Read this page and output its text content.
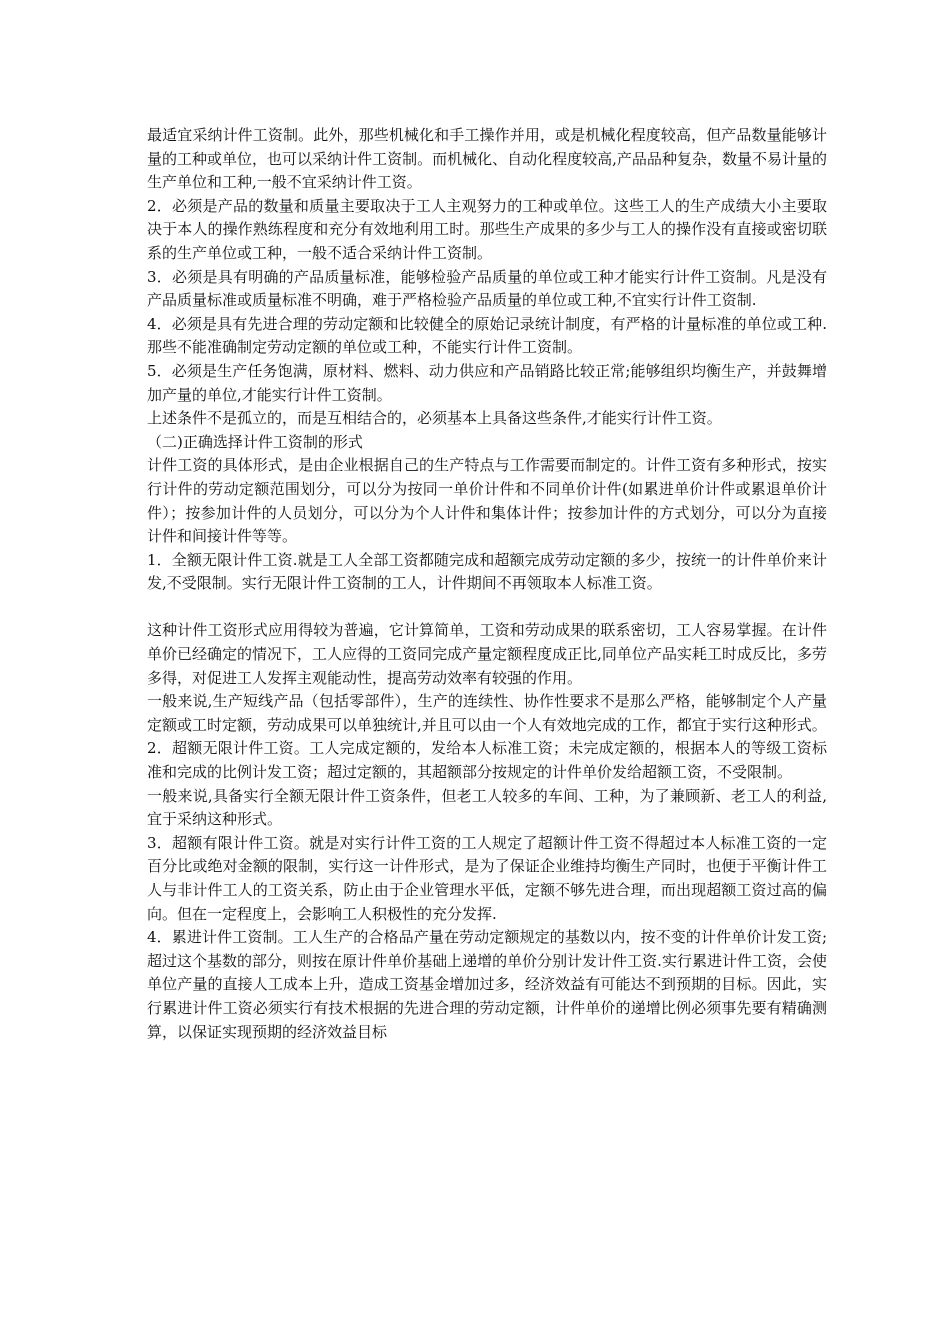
最适宜采纳计件工资制。此外，那些机械化和手工操作并用，或是机械化程度较高，但产品数量能够计量的工种或单位，也可以采纳计件工资制。而机械化、自动化程度较高,产品品种复杂，数量不易计量的生产单位和工种,一般不宜采纳计件工资。

2．必须是产品的数量和质量主要取决于工人主观努力的工种或单位。这些工人的生产成绩大小主要取决于本人的操作熟练程度和充分有效地利用工时。那些生产成果的多少与工人的操作没有直接或密切联系的生产单位或工种，一般不适合采纳计件工资制。

3．必须是具有明确的产品质量标准，能够检验产品质量的单位或工种才能实行计件工资制。凡是没有产品质量标准或质量标准不明确，难于严格检验产品质量的单位或工种,不宜实行计件工资制.

4．必须是具有先进合理的劳动定额和比较健全的原始记录统计制度，有严格的计量标准的单位或工种.那些不能准确制定劳动定额的单位或工种，不能实行计件工资制。

5．必须是生产任务饱满，原材料、燃料、动力供应和产品销路比较正常;能够组织均衡生产，并鼓舞增加产量的单位,才能实行计件工资制。

上述条件不是孤立的，而是互相结合的，必须基本上具备这些条件,才能实行计件工资。

（二)正确选择计件工资制的形式

计件工资的具体形式，是由企业根据自己的生产特点与工作需要而制定的。计件工资有多种形式，按实行计件的劳动定额范围划分，可以分为按同一单价计件和不同单价计件(如累进单价计件或累退单价计件）；按参加计件的人员划分，可以分为个人计件和集体计件；按参加计件的方式划分，可以分为直接计件和间接计件等等。

1．全额无限计件工资.就是工人全部工资都随完成和超额完成劳动定额的多少，按统一的计件单价来计发,不受限制。实行无限计件工资制的工人，计件期间不再领取本人标准工资。

这种计件工资形式应用得较为普遍，它计算简单，工资和劳动成果的联系密切，工人容易掌握。在计件单价已经确定的情况下，工人应得的工资同完成产量定额程度成正比,同单位产品实耗工时成反比，多劳多得，对促进工人发挥主观能动性，提高劳动效率有较强的作用。

一般来说,生产短线产品（包括零部件），生产的连续性、协作性要求不是那么严格，能够制定个人产量定额或工时定额，劳动成果可以单独统计,并且可以由一个人有效地完成的工作，都宜于实行这种形式。

2．超额无限计件工资。工人完成定额的，发给本人标准工资；未完成定额的，根据本人的等级工资标准和完成的比例计发工资；超过定额的，其超额部分按规定的计件单价发给超额工资，不受限制。

一般来说,具备实行全额无限计件工资条件，但老工人较多的车间、工种，为了兼顾新、老工人的利益,宜于采纳这种形式。

3．超额有限计件工资。就是对实行计件工资的工人规定了超额计件工资不得超过本人标准工资的一定百分比或绝对金额的限制，实行这一计件形式，是为了保证企业维持均衡生产同时，也便于平衡计件工人与非计件工人的工资关系，防止由于企业管理水平低，定额不够先进合理，而出现超额工资过高的偏向。但在一定程度上，会影响工人积极性的充分发挥.

4．累进计件工资制。工人生产的合格品产量在劳动定额规定的基数以内，按不变的计件单价计发工资;超过这个基数的部分，则按在原计件单价基础上递增的单价分别计发计件工资.实行累进计件工资，会使单位产量的直接人工成本上升，造成工资基金增加过多，经济效益有可能达不到预期的目标。因此，实行累进计件工资必须实行有技术根据的先进合理的劳动定额，计件单价的递增比例必须事先要有精确测算，以保证实现预期的经济效益目标
